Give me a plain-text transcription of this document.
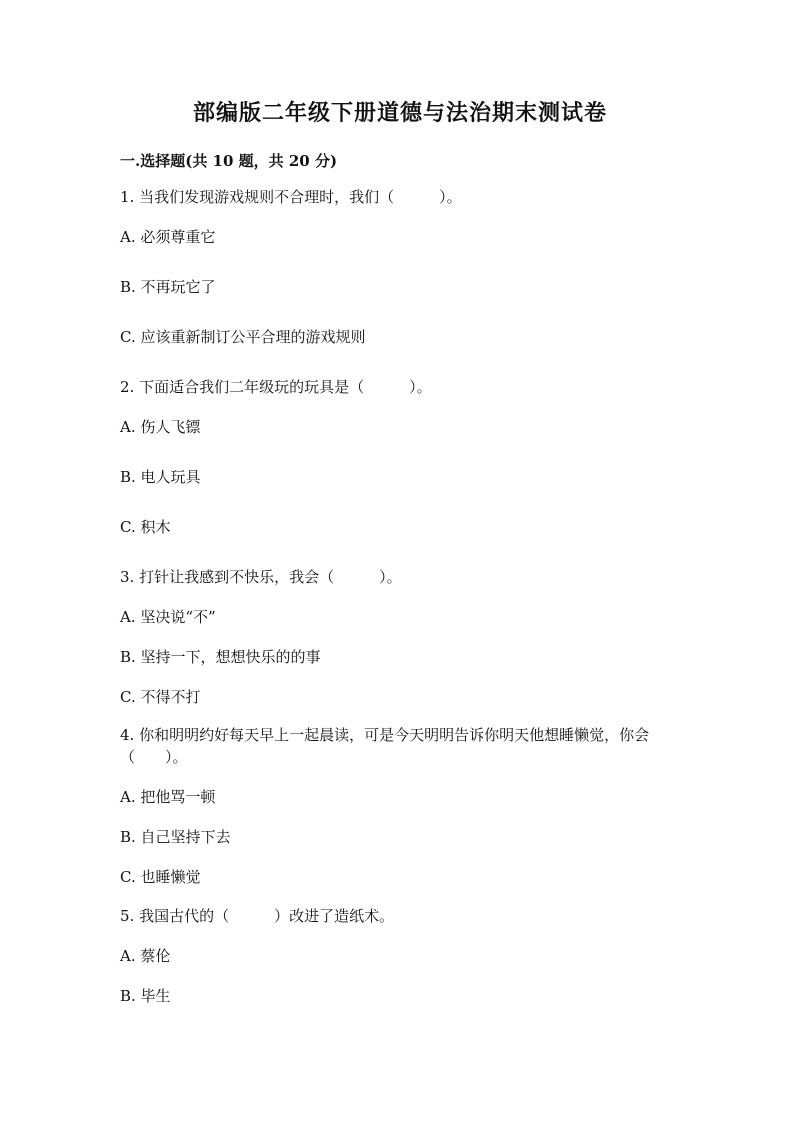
部编版二年级下册道德与法治期末测试卷
一.选择题(共 10 题，共 20 分)
1. 当我们发现游戏规则不合理时，我们（　　　）。
A. 必须尊重它
B. 不再玩它了
C. 应该重新制订公平合理的游戏规则
2. 下面适合我们二年级玩的玩具是（　　　）。
A. 伤人飞镖
B. 电人玩具
C. 积木
3. 打针让我感到不快乐，我会（　　　）。
A. 坚决说“不”
B. 坚持一下，想想快乐的的事
C. 不得不打
4. 你和明明约好每天早上一起晨读，可是今天明明告诉你明天他想睡懒觉，你会（　　）。
A. 把他骂一顿
B. 自己坚持下去
C. 也睡懒觉
5. 我国古代的（　　　）改进了造纸术。
A. 蔡伦
B. 毕生
